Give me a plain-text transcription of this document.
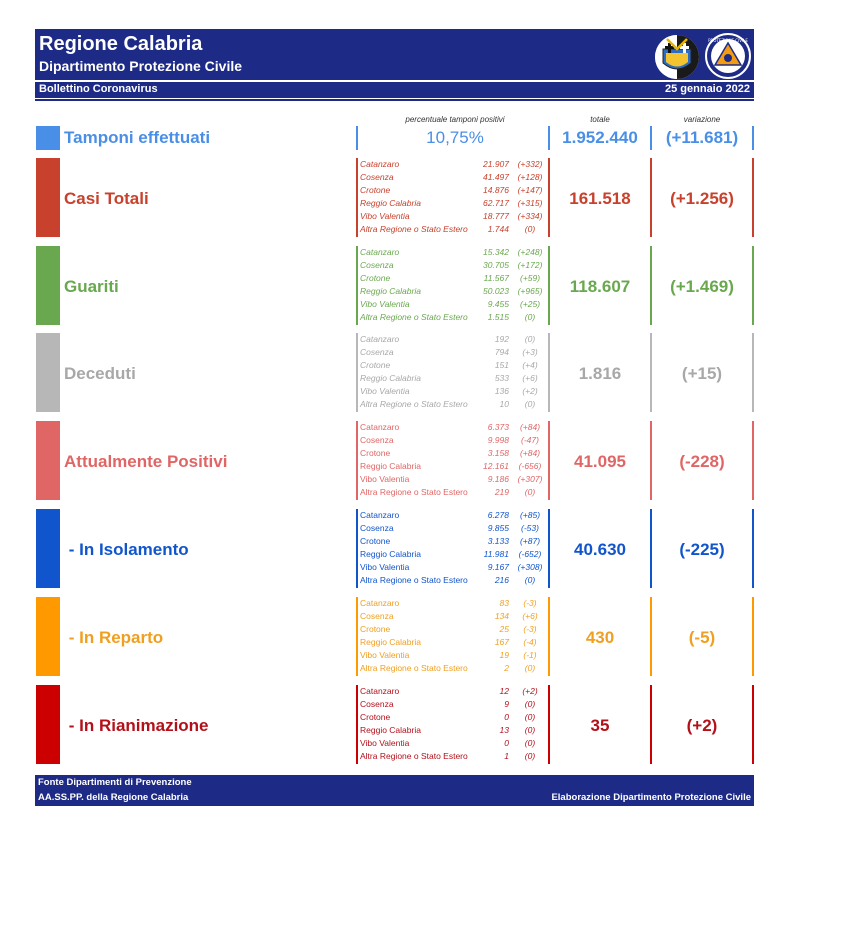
Regione Calabria
Dipartimento Protezione Civile
PROTEZIONE CIVILE
Bollettino Coronavirus	25 gennaio 2022
percentuale tamponi positivi	totale	variazione
Tamponi effettuati	10,75%	1.952.440	(+11.681)
Casi Totali
Catanzaro	21.907	(+332)
Cosenza	41.497	(+128)
Crotone	14.876	(+147)
Reggio Calabria	62.717	(+315)
Vibo Valentia	18.777	(+334)
Altra Regione o Stato Estero	1.744	(0)
161.518	(+1.256)
Guariti
Catanzaro	15.342	(+248)
Cosenza	30.705	(+172)
Crotone	11.567	(+59)
Reggio Calabria	50.023	(+965)
Vibo Valentia	9.455	(+25)
Altra Regione o Stato Estero	1.515	(0)
118.607	(+1.469)
Deceduti
Catanzaro	192	(0)
Cosenza	794	(+3)
Crotone	151	(+4)
Reggio Calabria	533	(+6)
Vibo Valentia	136	(+2)
Altra Regione o Stato Estero	10	(0)
1.816	(+15)
Attualmente Positivi
Catanzaro	6.373	(+84)
Cosenza	9.998	(-47)
Crotone	3.158	(+84)
Reggio Calabria	12.161	(-656)
Vibo Valentia	9.186	(+307)
Altra Regione o Stato Estero	219	(0)
41.095	(-228)
- In Isolamento
Catanzaro	6.278	(+85)
Cosenza	9.855	(-53)
Crotone	3.133	(+87)
Reggio Calabria	11.981	(-652)
Vibo Valentia	9.167	(+308)
Altra Regione o Stato Estero	216	(0)
40.630	(-225)
- In Reparto
Catanzaro	83	(-3)
Cosenza	134	(+6)
Crotone	25	(-3)
Reggio Calabria	167	(-4)
Vibo Valentia	19	(-1)
Altra Regione o Stato Estero	2	(0)
430	(-5)
- In Rianimazione
Catanzaro	12	(+2)
Cosenza	9	(0)
Crotone	0	(0)
Reggio Calabria	13	(0)
Vibo Valentia	0	(0)
Altra Regione o Stato Estero	1	(0)
35	(+2)
Fonte Dipartimenti di Prevenzione
AA.SS.PP. della Regione Calabria	Elaborazione Dipartimento Protezione Civile
